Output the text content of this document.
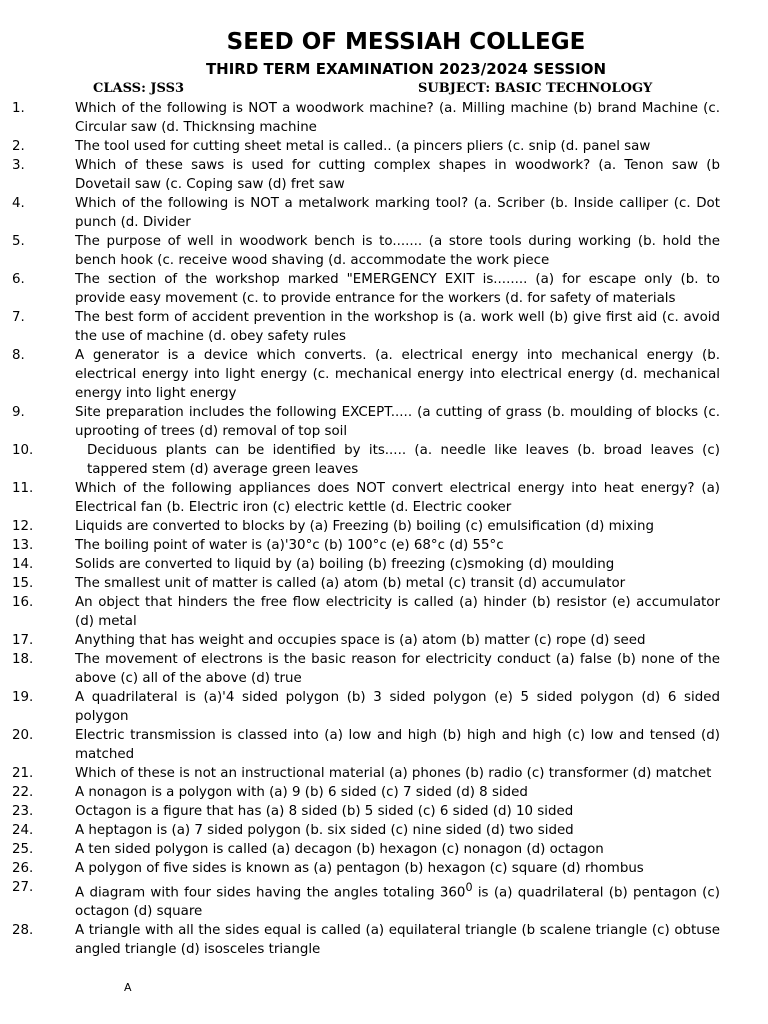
SEED OF MESSIAH COLLEGE
THIRD TERM EXAMINATION 2023/2024 SESSION
CLASS: JSS3	SUBJECT: BASIC TECHNOLOGY
1.	Which of the following is NOT a woodwork machine? (a. Milling machine (b) brand Machine (c. Circular saw (d. Thicknsing machine
2.	The tool used for cutting sheet metal is called.. (a pincers pliers (c. snip (d. panel saw
3.	Which of these saws is used for cutting complex shapes in woodwork? (a. Tenon saw (b Dovetail saw (c. Coping saw (d) fret saw
4.	Which of the following is NOT a metalwork marking tool? (a. Scriber (b. Inside calliper (c. Dot punch (d. Divider
5.	The purpose of well in woodwork bench is to....... (a store tools during working (b. hold the bench hook (c. receive wood shaving (d. accommodate the work piece
6.	The section of the workshop marked "EMERGENCY EXIT is........ (a) for escape only (b. to provide easy movement (c. to provide entrance for the workers (d. for safety of materials
7.	The best form of accident prevention in the workshop is (a. work well (b) give first aid (c. avoid the use of machine (d. obey safety rules
8.	A generator is a device which converts. (a. electrical energy into mechanical energy (b. electrical energy into light energy (c. mechanical energy into electrical energy (d. mechanical energy into light energy
9.	Site preparation includes the following EXCEPT..... (a cutting of grass (b. moulding of blocks (c. uprooting of trees (d) removal of top soil
10.	Deciduous plants can be identified by its..... (a. needle like leaves (b. broad leaves (c) tappered stem (d) average green leaves
11.	Which of the following appliances does NOT convert electrical energy into heat energy? (a) Electrical fan (b. Electric iron (c) electric kettle (d. Electric cooker
12.	Liquids are converted to blocks by (a) Freezing (b) boiling (c) emulsification (d) mixing
13.	The boiling point of water is (a)'30°c (b) 100°c (e) 68°c (d) 55°c
14.	Solids are converted to liquid by (a) boiling (b) freezing (c)smoking (d) moulding
15.	The smallest unit of matter is called (a) atom (b) metal (c) transit (d) accumulator
16.	An object that hinders the free flow electricity is called (a) hinder (b) resistor (e) accumulator (d) metal
17.	Anything that has weight and occupies space is (a) atom (b) matter (c) rope (d) seed
18.	The movement of electrons is the basic reason for electricity conduct (a) false (b) none of the above (c) all of the above (d) true
19.	A quadrilateral is (a)'4 sided polygon (b) 3 sided polygon (e) 5 sided polygon (d) 6 sided polygon
20.	Electric transmission is classed into (a) low and high (b) high and high (c) low and tensed (d) matched
21.	Which of these is not an instructional material (a) phones (b) radio (c) transformer (d) matchet
22.	A nonagon is a polygon with (a) 9 (b) 6 sided (c) 7 sided (d) 8 sided
23.	Octagon is a figure that has (a) 8 sided (b) 5 sided (c) 6 sided (d) 10 sided
24.	A heptagon is (a) 7 sided polygon (b. six sided (c) nine sided (d) two sided
25.	A ten sided polygon is called (a) decagon (b) hexagon (c) nonagon (d) octagon
26.	A polygon of five sides is known as (a) pentagon (b) hexagon (c) square (d) rhombus
27.	A diagram with four sides having the angles totaling $360^0$ is (a) quadrilateral (b) pentagon (c) octagon (d) square
28.	A triangle with all the sides equal is called (a) equilateral triangle (b scalene triangle (c) obtuse angled triangle (d) isosceles triangle
A
